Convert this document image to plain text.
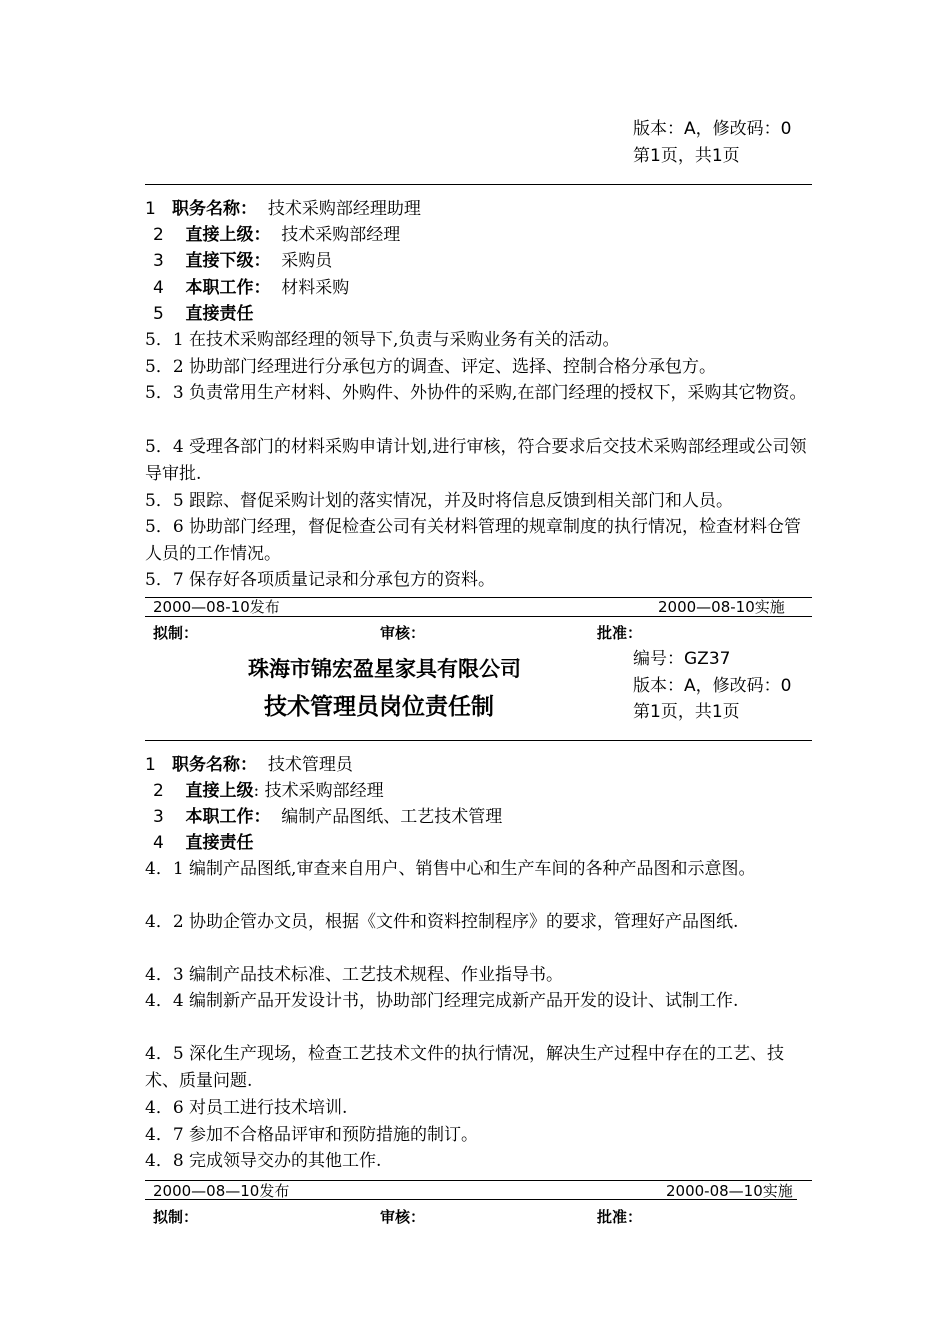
版本：A，修改码：0
第1页，共1页
1 职务名称： 技术采购部经理助理
2 直接上级： 技术采购部经理
3 直接下级： 采购员
4 本职工作： 材料采购
5 直接责任
5．1 在技术采购部经理的领导下,负责与采购业务有关的活动。
5．2 协助部门经理进行分承包方的调查、评定、选择、控制合格分承包方。
5．3 负责常用生产材料、外购件、外协件的采购,在部门经理的授权下，采购其它物资。
5．4 受理各部门的材料采购申请计划,进行审核，符合要求后交技术采购部经理或公司领导审批.
5．5 跟踪、督促采购计划的落实情况，并及时将信息反馈到相关部门和人员。
5．6 协助部门经理，督促检查公司有关材料管理的规章制度的执行情况，检查材料仓管人员的工作情况。
5．7 保存好各项质量记录和分承包方的资料。
2000—08-10发布	2000—08-10实施
拟制：	审核：	批准：
珠海市锦宏盈星家具有限公司
技术管理员岗位责任制
编号：GZ37
版本：A，修改码：0
第1页，共1页
1 职务名称： 技术管理员
2 直接上级: 技术采购部经理
3 本职工作： 编制产品图纸、工艺技术管理
4 直接责任
4．1 编制产品图纸,审查来自用户、销售中心和生产车间的各种产品图和示意图。
4．2 协助企管办文员，根据《文件和资料控制程序》的要求，管理好产品图纸.
4．3 编制产品技术标准、工艺技术规程、作业指导书。
4．4 编制新产品开发设计书，协助部门经理完成新产品开发的设计、试制工作.
4．5 深化生产现场，检查工艺技术文件的执行情况，解决生产过程中存在的工艺、技术、质量问题.
4．6 对员工进行技术培训.
4．7 参加不合格品评审和预防措施的制订。
4．8 完成领导交办的其他工作.
2000—08—10发布	2000-08—10实施
拟制：	审核：	批准：
